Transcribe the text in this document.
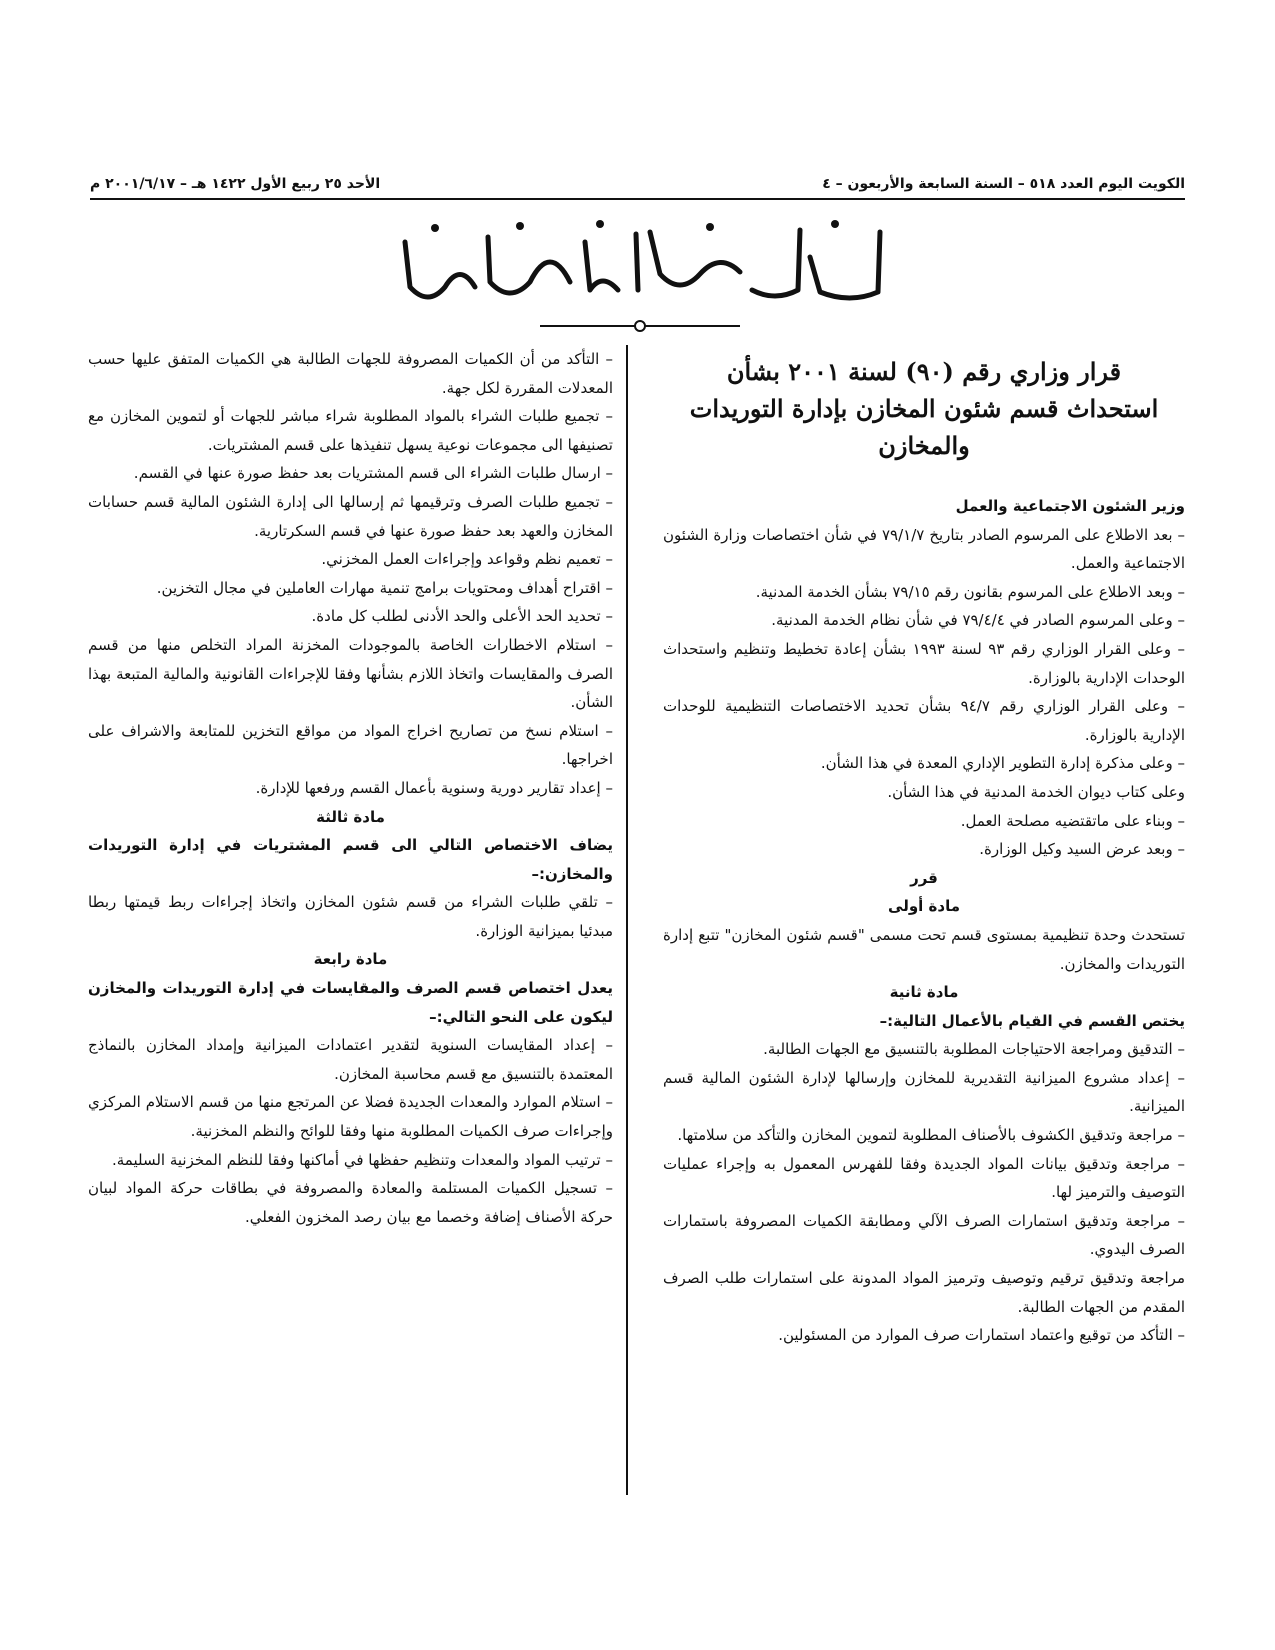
الكويت اليوم العدد ٥١٨ – السنة السابعة والأربعون – ٤
الأحد ٢٥ ربيع الأول ١٤٢٢ هـ – ٢٠٠١/٦/١٧ م
قرار وزاري رقم (٩٠) لسنة ٢٠٠١ بشأن استحداث قسم شئون المخازن بإدارة التوريدات والمخازن
وزير الشئون الاجتماعية والعمل

– بعد الاطلاع على المرسوم الصادر بتاريخ ٧٩/١/٧ في شأن اختصاصات وزارة الشئون الاجتماعية والعمل.

– وبعد الاطلاع على المرسوم بقانون رقم ٧٩/١٥ بشأن الخدمة المدنية.

– وعلى المرسوم الصادر في ٧٩/٤/٤ في شأن نظام الخدمة المدنية.

– وعلى القرار الوزاري رقم ٩٣ لسنة ١٩٩٣ بشأن إعادة تخطيط وتنظيم واستحداث الوحدات الإدارية بالوزارة.

– وعلى القرار الوزاري رقم ٩٤/٧ بشأن تحديد الاختصاصات التنظيمية للوحدات الإدارية بالوزارة.

– وعلى مذكرة إدارة التطوير الإداري المعدة في هذا الشأن.

وعلى كتاب ديوان الخدمة المدنية في هذا الشأن.

– وبناء على ماتقتضيه مصلحة العمل.

– وبعد عرض السيد وكيل الوزارة.

قرر
مادة أولى

تستحدث وحدة تنظيمية بمستوى قسم تحت مسمى "قسم شئون المخازن" تتبع إدارة التوريدات والمخازن.

مادة ثانية
يختص القسم في القيام بالأعمال التالية:–

– التدقيق ومراجعة الاحتياجات المطلوبة بالتنسيق مع الجهات الطالبة.

– إعداد مشروع الميزانية التقديرية للمخازن وإرسالها لإدارة الشئون المالية قسم الميزانية.

– مراجعة وتدقيق الكشوف بالأصناف المطلوبة لتموين المخازن والتأكد من سلامتها.

– مراجعة وتدقيق بيانات المواد الجديدة وفقا للفهرس المعمول به وإجراء عمليات التوصيف والترميز لها.

– مراجعة وتدقيق استمارات الصرف الآلي ومطابقة الكميات المصروفة باستمارات الصرف اليدوي.

مراجعة وتدقيق ترقيم وتوصيف وترميز المواد المدونة على استمارات طلب الصرف المقدم من الجهات الطالبة.

– التأكد من توقيع واعتماد استمارات صرف الموارد من المسئولين.

– التأكد من أن الكميات المصروفة للجهات الطالبة هي الكميات المتفق عليها حسب المعدلات المقررة لكل جهة.

– تجميع طلبات الشراء بالمواد المطلوبة شراء مباشر للجهات أو لتموين المخازن مع تصنيفها الى مجموعات نوعية يسهل تنفيذها على قسم المشتريات.

– ارسال طلبات الشراء الى قسم المشتريات بعد حفظ صورة عنها في القسم.

– تجميع طلبات الصرف وترقيمها ثم إرسالها الى إدارة الشئون المالية قسم حسابات المخازن والعهد بعد حفظ صورة عنها في قسم السكرتارية.

– تعميم نظم وقواعد وإجراءات العمل المخزني.

– اقتراح أهداف ومحتويات برامج تنمية مهارات العاملين في مجال التخزين.

– تحديد الحد الأعلى والحد الأدنى لطلب كل مادة.

– استلام الاخطارات الخاصة بالموجودات المخزنة المراد التخلص منها من قسم الصرف والمقايسات واتخاذ اللازم بشأنها وفقا للإجراءات القانونية والمالية المتبعة بهذا الشأن.

– استلام نسخ من تصاريح اخراج المواد من مواقع التخزين للمتابعة والاشراف على اخراجها.

– إعداد تقارير دورية وسنوية بأعمال القسم ورفعها للإدارة.

مادة ثالثة
يضاف الاختصاص التالي الى قسم المشتريات في إدارة التوريدات والمخازن:–

– تلقي طلبات الشراء من قسم شئون المخازن واتخاذ إجراءات ربط قيمتها ربطا مبدئيا بميزانية الوزارة.

مادة رابعة
يعدل اختصاص قسم الصرف والمقايسات في إدارة التوريدات والمخازن ليكون على النحو التالي:–

– إعداد المقايسات السنوية لتقدير اعتمادات الميزانية وإمداد المخازن بالنماذج المعتمدة بالتنسيق مع قسم محاسبة المخازن.

– استلام الموارد والمعدات الجديدة فضلا عن المرتجع منها من قسم الاستلام المركزي وإجراءات صرف الكميات المطلوبة منها وفقا للوائح والنظم المخزنية.

– ترتيب المواد والمعدات وتنظيم حفظها في أماكنها وفقا للنظم المخزنية السليمة.

– تسجيل الكميات المستلمة والمعادة والمصروفة في بطاقات حركة المواد لبيان حركة الأصناف إضافة وخصما مع بيان رصد المخزون الفعلي.
